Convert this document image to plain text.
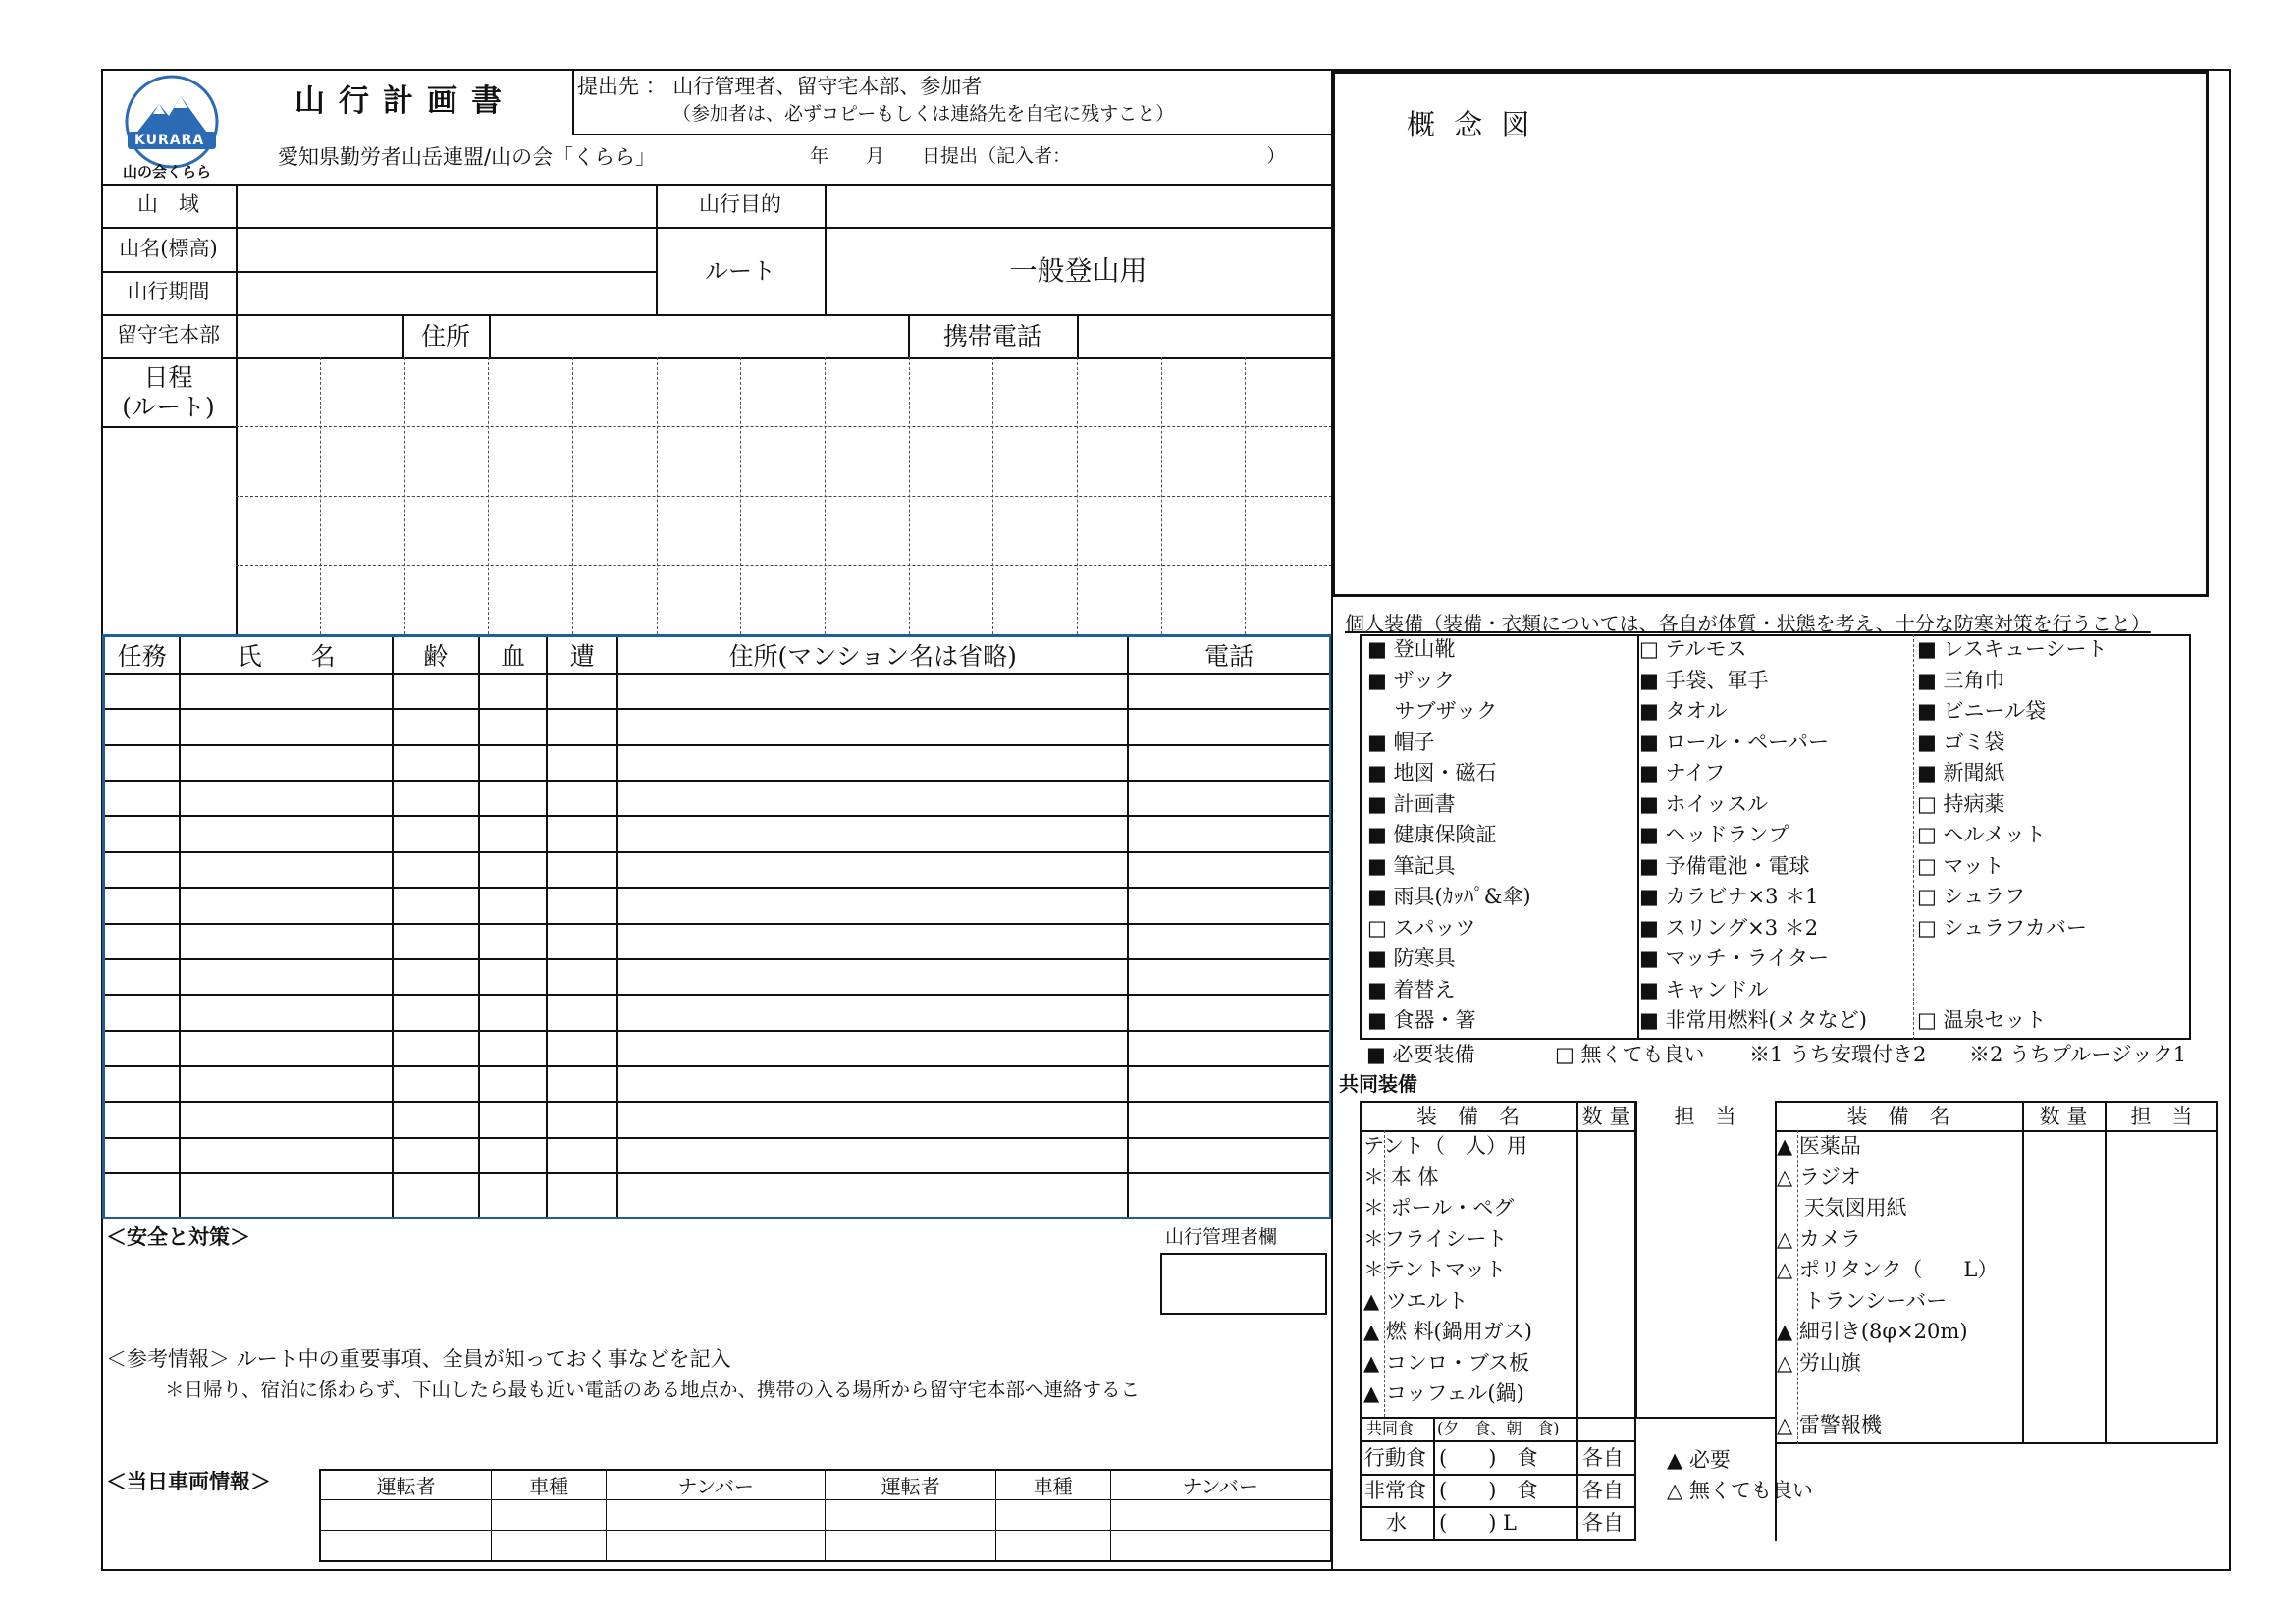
KURARA
山の会くらら
山行計画書	提出先 ： 山行管理者、留守宅本部、参加者
（参加者は、必ずコピーもしくは連絡先を自宅に残すこと）
愛知県勤労者山岳連盟/山の会「くらら」	年　　月　　日提出（記入者：　　　　　　　　　　　）
山　域
山名(標高)
山行期間
山行目的
ルート	一般登山用
留守宅本部	住所	携帯電話
日程
(ルート)
任務	氏　　名	齢	血	遭	住所(マンション名は省略)	電話

＜安全と対策＞	山行管理者欄
＜参考情報＞ ルート中の重要事項、全員が知っておく事などを記入
＊日帰り、宿泊に係わらず、下山したら最も近い電話のある地点か、携帯の入る場所から留守宅本部へ連絡するこ
＜当日車両情報＞	運転者	車種	ナンバー	運転者	車種	ナンバー

概 念 図
個人装備（装備・衣類については、各自が体質・状態を考え、十分な防寒対策を行うこと）
■ 登山靴
■ ザック
　 サブザック
■ 帽子
■ 地図・磁石
■ 計画書
■ 健康保険証
■ 筆記具
■ 雨具(ｶｯﾊﾟ&傘)
□ スパッツ
■ 防寒具
■ 着替え
■ 食器・箸
□ テルモス
■ 手袋、軍手
■ タオル
■ ロール・ペーパー
■ ナイフ
■ ホイッスル
■ ヘッドランプ
■ 予備電池・電球
■ カラビナ×3 ＊1
■ スリング×3 ＊2
■ マッチ・ライター
■ キャンドル
■ 非常用燃料(メタなど)
■ レスキューシート
■ 三角巾
■ ビニール袋
■ ゴミ袋
■ 新聞紙
□ 持病薬
□ ヘルメット
□ マット
□ シュラフ
□ シュラフカバー
□ 温泉セット
■ 必要装備	□ 無くても良い ※1 うち安環付き2 ※2 うちプルージック1
共同装備
装　備　名	数 量	担　当	装　備　名	数 量	担　当
テント（　人）用
＊ 本 体
＊ ポール・ペグ
＊フライシート
＊テントマット
▲ ツエルト
▲ 燃 料(鍋用ガス)
▲ コンロ・ブス板
▲ コッフェル(鍋)
▲ 医薬品
△ ラジオ
　 天気図用紙
△ カメラ
△ ポリタンク（　　L）
　 トランシーバー
▲ 細引き(8φ×20m)
△ 労山旗
△ 雷警報機
共同食 (夕　食、朝　食)
行動食 (　　)　食 各自
非常食 (　　)　食 各自
水 (　　) L	各自
▲ 必要
△ 無くても良い
